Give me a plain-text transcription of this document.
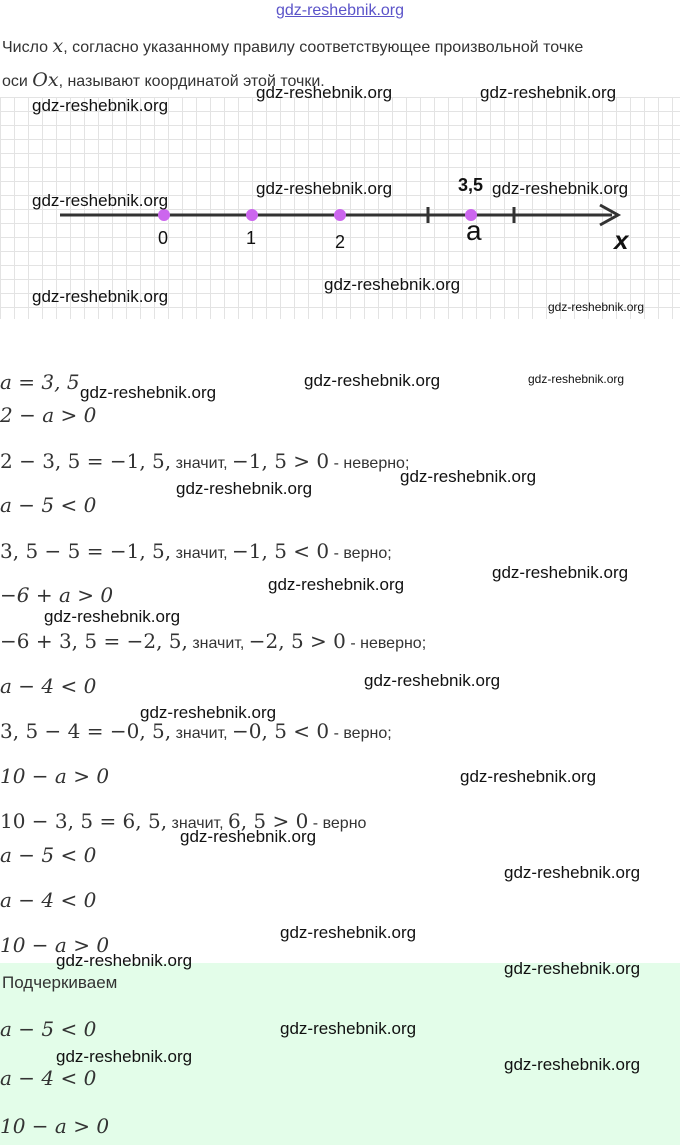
gdz-reshebnik.org
Число x, согласно указанному правилу соответствующее произвольной точке
оси Ox, называют координатой этой точки.
0	1	2
3,5
a	x
a = 3, 5
2 − a > 0
2 − 3, 5 = −1, 5, значит, −1, 5 > 0 - неверно;
a − 5 < 0
3, 5 − 5 = −1, 5, значит, −1, 5 < 0 - верно;
−6 + a > 0
−6 + 3, 5 = −2, 5, значит, −2, 5 > 0 - неверно;
a − 4 < 0
3, 5 − 4 = −0, 5, значит, −0, 5 < 0 - верно;
10 − a > 0
10 − 3, 5 = 6, 5, значит, 6, 5 > 0 - верно
a − 5 < 0
a − 4 < 0
10 − a > 0
Подчеркиваем
a − 5 < 0
a − 4 < 0
10 − a > 0
gdz-reshebnik.org
gdz-reshebnik.org	gdz-reshebnik.org
gdz-reshebnik.org
gdz-reshebnik.org	gdz-reshebnik.org
gdz-reshebnik.org
gdz-reshebnik.org
gdz-reshebnik.org
gdz-reshebnik.org
gdz-reshebnik.org	gdz-reshebnik.org
gdz-reshebnik.org
gdz-reshebnik.org
gdz-reshebnik.org
gdz-reshebnik.org
gdz-reshebnik.org
gdz-reshebnik.org
gdz-reshebnik.org
gdz-reshebnik.org
gdz-reshebnik.org
gdz-reshebnik.org
gdz-reshebnik.org
gdz-reshebnik.org	gdz-reshebnik.org
gdz-reshebnik.org
gdz-reshebnik.org	gdz-reshebnik.org
